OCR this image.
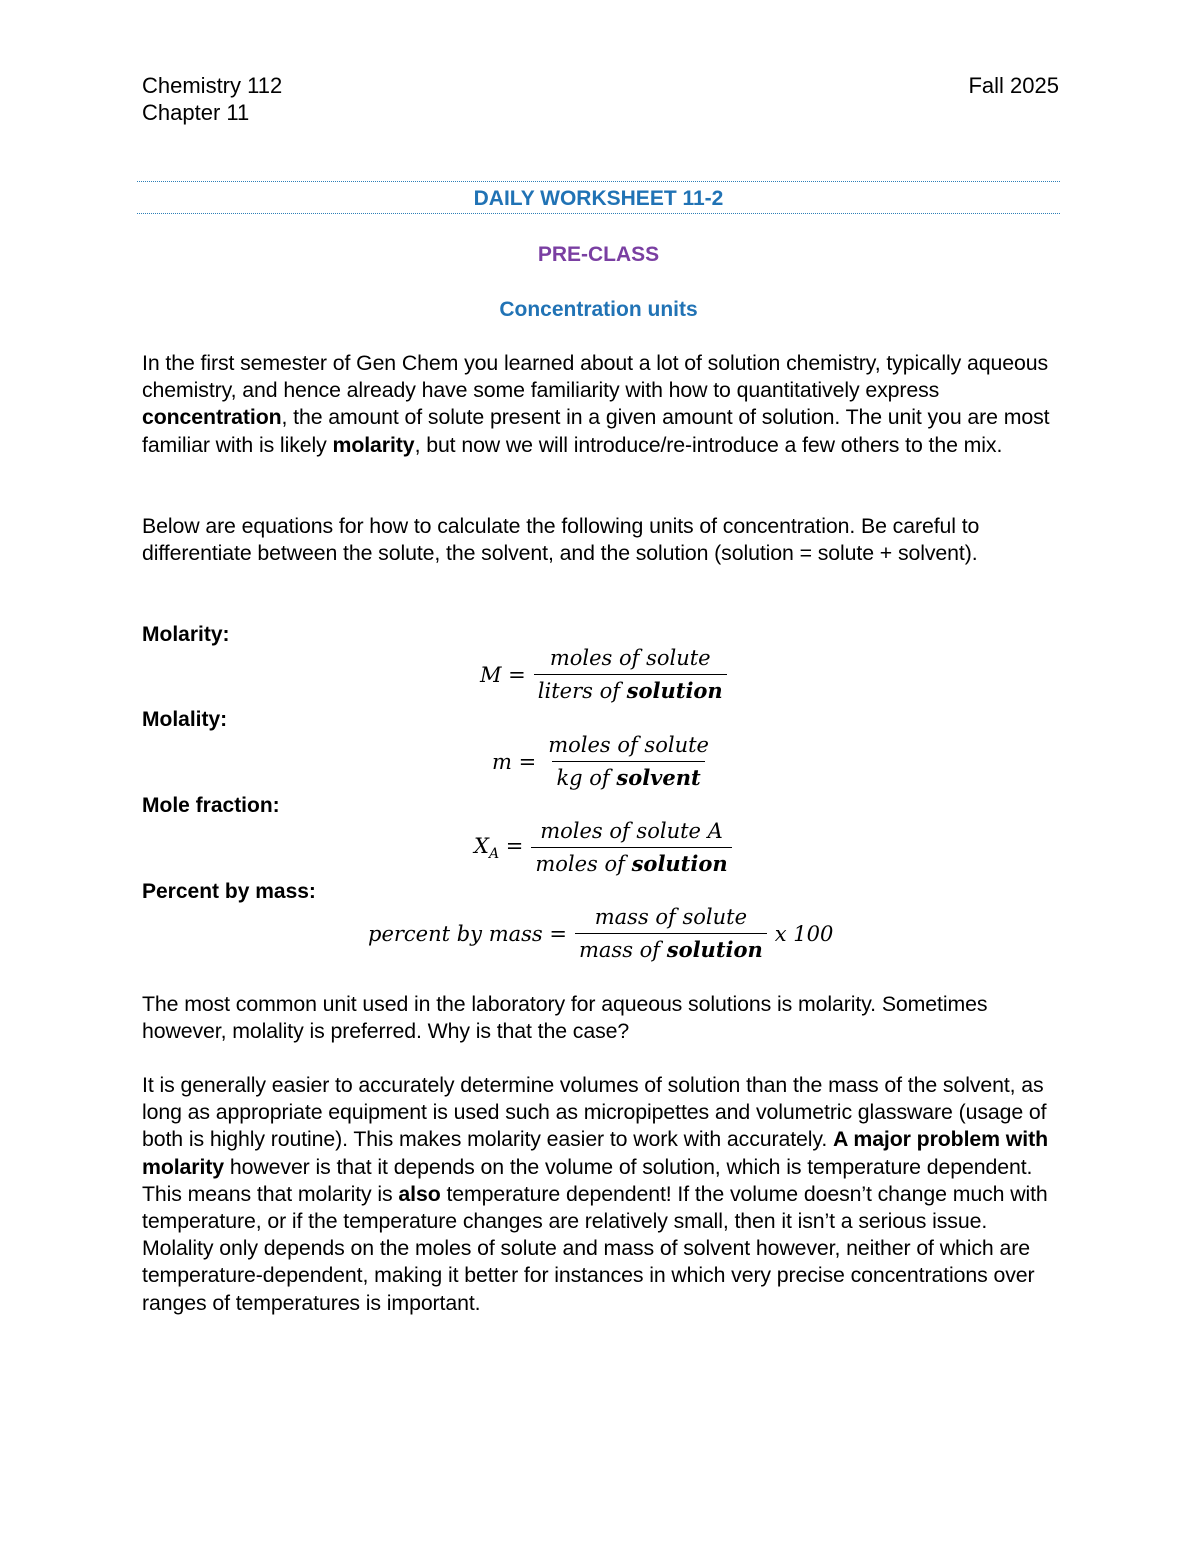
Chemistry 112
Chapter 11
Fall 2025
DAILY WORKSHEET 11-2
PRE-CLASS
Concentration units

In the first semester of Gen Chem you learned about a lot of solution chemistry, typically aqueous chemistry, and hence already have some familiarity with how to quantitatively express concentration, the amount of solute present in a given amount of solution. The unit you are most familiar with is likely molarity, but now we will introduce/re-introduce a few others to the mix.

Below are equations for how to calculate the following units of concentration. Be careful to differentiate between the solute, the solvent, and the solution (solution = solute + solvent).

Molarity:
$M = \frac{\text{moles of solute}}{\text{liters of solution}}$
Molality:
$m = \frac{\text{moles of solute}}{\text{kg of solvent}}$
Mole fraction:
$X_A = \frac{\text{moles of solute A}}{\text{moles of solution}}$
Percent by mass:
percent by mass = $\frac{\text{mass of solute}}{\text{mass of solution}}$ x 100

The most common unit used in the laboratory for aqueous solutions is molarity. Sometimes however, molality is preferred. Why is that the case?

It is generally easier to accurately determine volumes of solution than the mass of the solvent, as long as appropriate equipment is used such as micropipettes and volumetric glassware (usage of both is highly routine). This makes molarity easier to work with accurately. A major problem with molarity however is that it depends on the volume of solution, which is temperature dependent. This means that molarity is also temperature dependent! If the volume doesn’t change much with temperature, or if the temperature changes are relatively small, then it isn’t a serious issue. Molality only depends on the moles of solute and mass of solvent however, neither of which are temperature-dependent, making it better for instances in which very precise concentrations over ranges of temperatures is important.
